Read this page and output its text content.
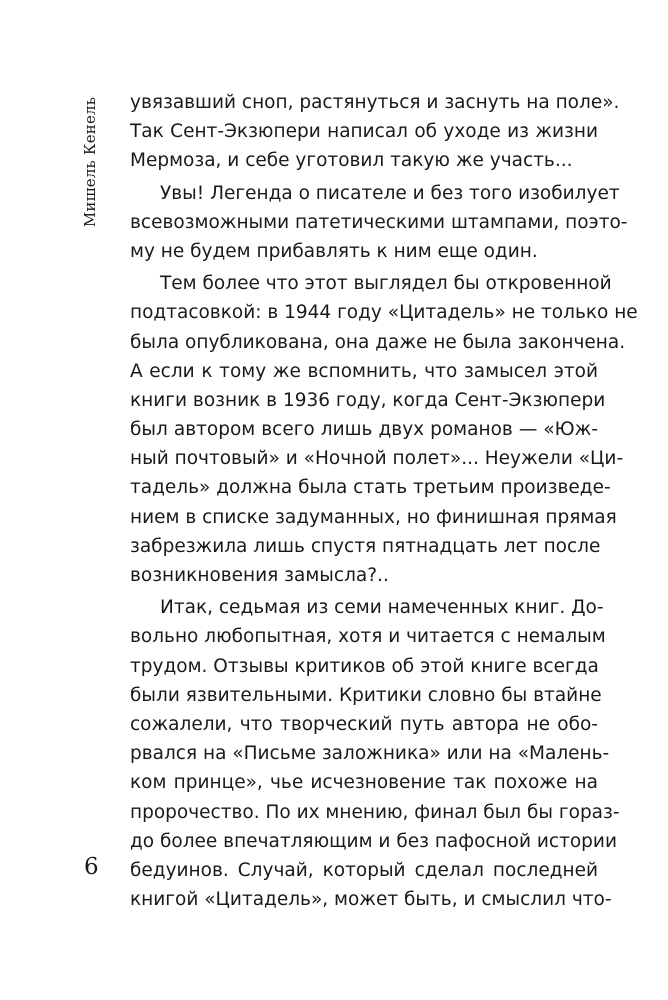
Мишель Кенель увязавший сноп, растянуться и заснуть на поле».
Так Сент-Экзюпери написал об уходе из жизни
Мермоза, и себе уготовил такую же участь...
Увы! Легенда о писателе и без того изобилует
всевозможными патетическими штампами, поэто-
му не будем прибавлять к ним еще один.
Тем более что этот выглядел бы откровенной
подтасовкой: в 1944 году «Цитадель» не только не
была опубликована, она даже не была закончена.
А если к тому же вспомнить, что замысел этой
книги возник в 1936 году, когда Сент-Экзюпери
был автором всего лишь двух романов — «Юж-
ный почтовый» и «Ночной полет»... Неужели «Ци-
тадель» должна была стать третьим произведе-
нием в списке задуманных, но финишная прямая
забрезжила лишь спустя пятнадцать лет после
возникновения замысла?..
Итак, седьмая из семи намеченных книг. До-
вольно любопытная, хотя и читается с немалым
трудом. Отзывы критиков об этой книге всегда
были язвительными. Критики словно бы втайне
сожалели, что творческий путь автора не обо-
рвался на «Письме заложника» или на «Малень-
ком принце», чье исчезновение так похоже на
пророчество. По их мнению, финал был бы гораз-
до более впечатляющим и без пафосной истории
бедуинов. Случай, который сделал последней
книгой «Цитадель», может быть, и смыслил что-
6
